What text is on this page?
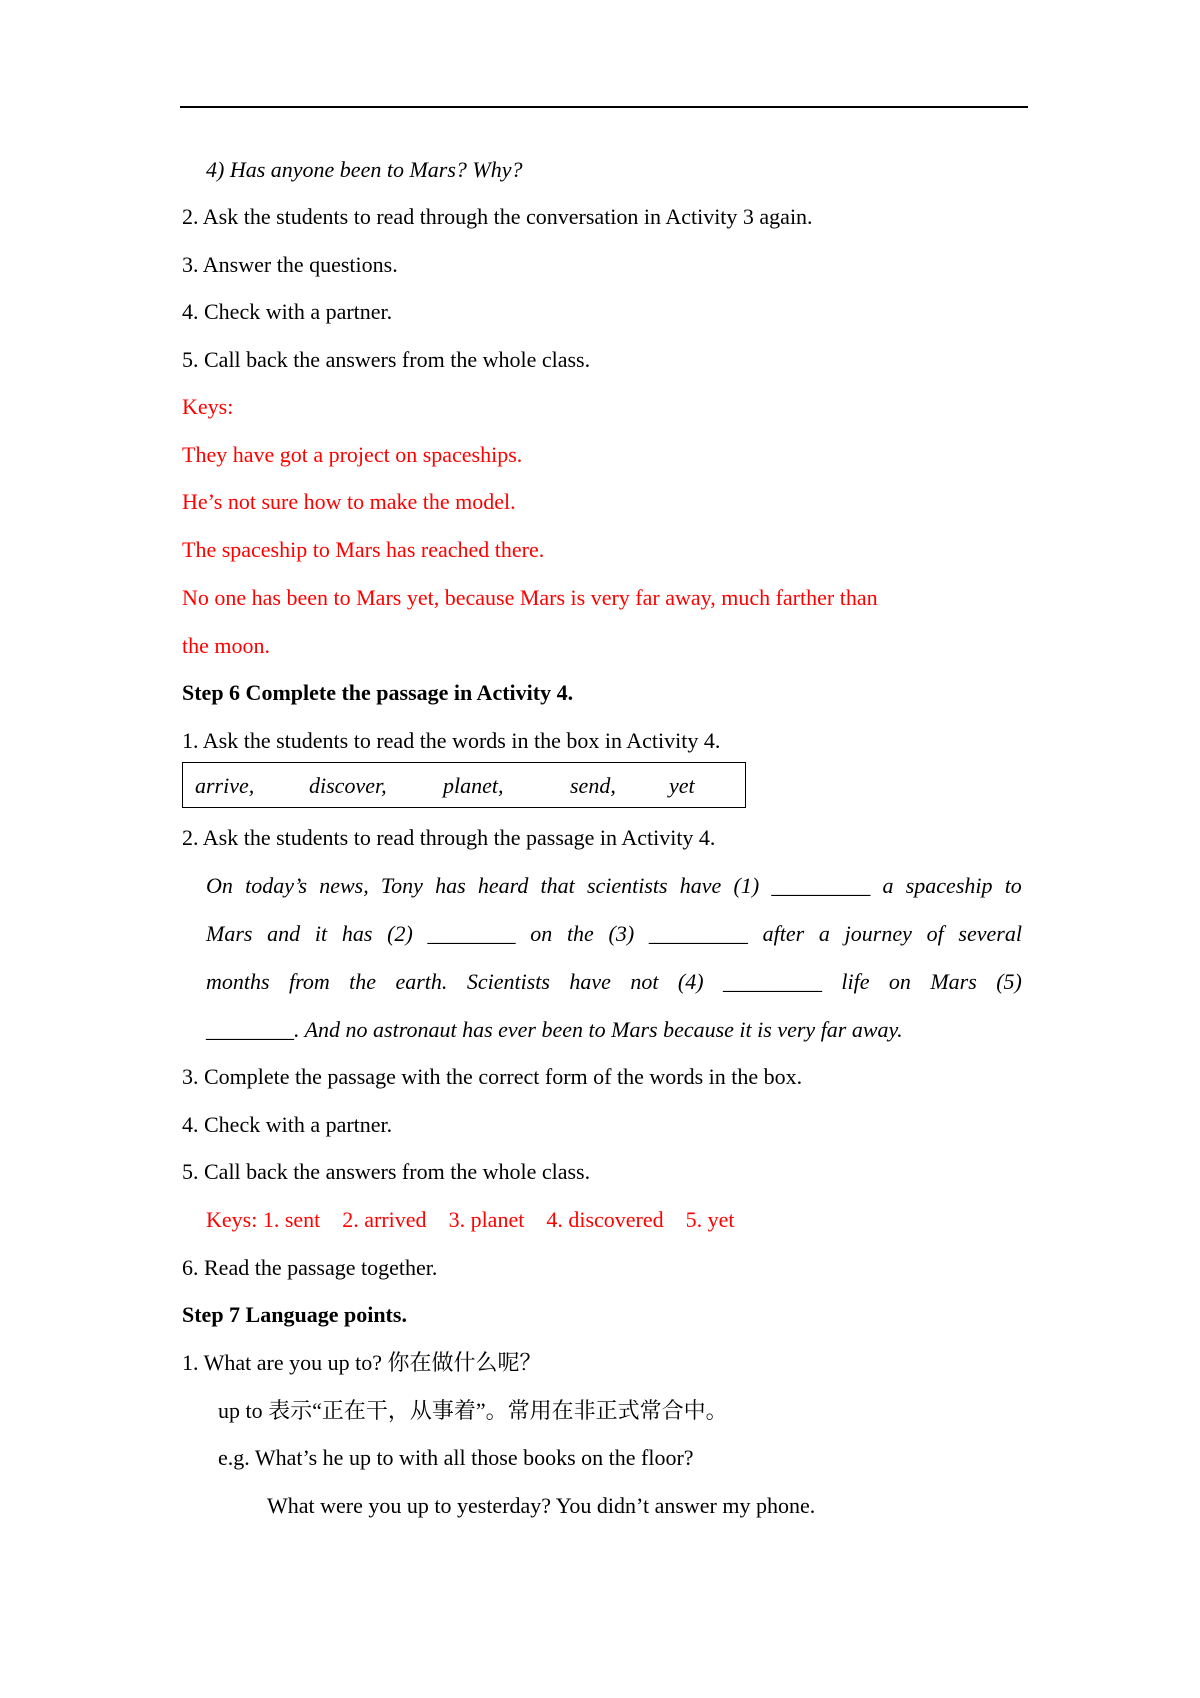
4) Has anyone been to Mars? Why?
2. Ask the students to read through the conversation in Activity 3 again.
3. Answer the questions.
4. Check with a partner.
5. Call back the answers from the whole class.
Keys:
They have got a project on spaceships.
He’s not sure how to make the model.
The spaceship to Mars has reached there.
No one has been to Mars yet, because Mars is very far away, much farther than
the moon.
Step 6 Complete the passage in Activity 4.
1. Ask the students to read the words in the box in Activity 4.
arrive, discover,	planet,	send, yet
2. Ask the students to read through the passage in Activity 4.
On today’s news, Tony has heard that scientists have (1) _________ a spaceship to
Mars and it has (2) ________ on the (3) _________ after a journey of several
months from the earth. Scientists have not (4) _________ life on Mars (5)
________. And no astronaut has ever been to Mars because it is very far away.
3. Complete the passage with the correct form of the words in the box.
4. Check with a partner.
5. Call back the answers from the whole class.
Keys: 1. sent 2. arrived 3. planet 4. discovered 5. yet
6. Read the passage together.
Step 7 Language points.
1. What are you up to? 你在做什么呢？
up to 表示“正在干，从事着”。常用在非正式常合中。
e.g. What’s he up to with all those books on the floor?
What were you up to yesterday? You didn’t answer my phone.
